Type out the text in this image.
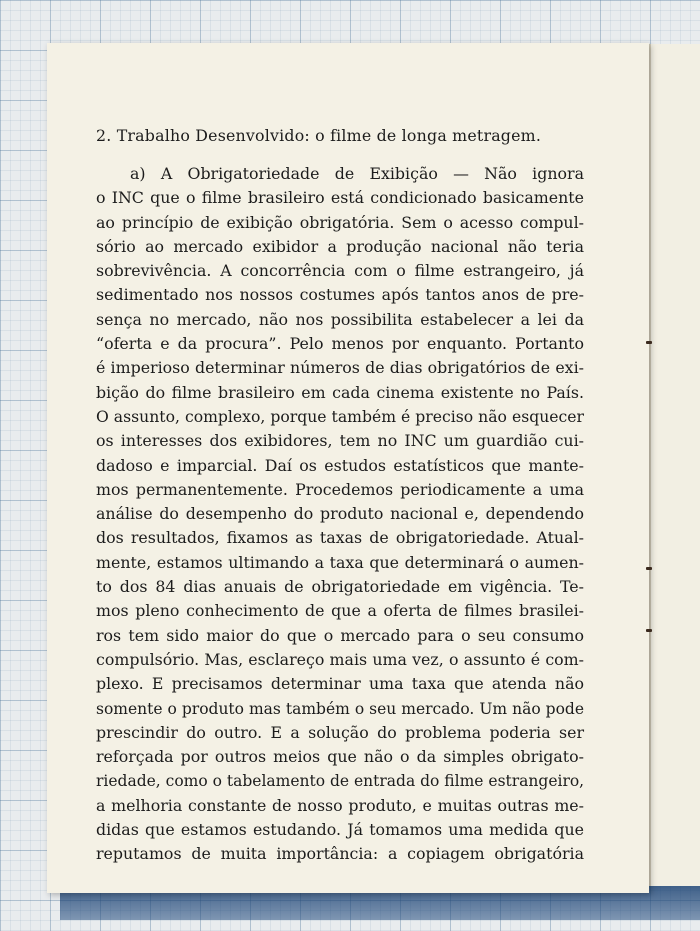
2. Trabalho Desenvolvido: o filme de longa metragem.
a) A Obrigatoriedade de Exibição — Não ignora
o INC que o filme brasileiro está condicionado basicamente
ao princípio de exibição obrigatória. Sem o acesso compul-
sório ao mercado exibidor a produção nacional não teria
sobrevivência. A concorrência com o filme estrangeiro, já
sedimentado nos nossos costumes após tantos anos de pre-
sença no mercado, não nos possibilita estabelecer a lei da
“oferta e da procura”. Pelo menos por enquanto. Portanto
é imperioso determinar números de dias obrigatórios de exi-
bição do filme brasileiro em cada cinema existente no País.
O assunto, complexo, porque também é preciso não esquecer
os interesses dos exibidores, tem no INC um guardião cui-
dadoso e imparcial. Daí os estudos estatísticos que mante-
mos permanentemente. Procedemos periodicamente a uma
análise do desempenho do produto nacional e, dependendo
dos resultados, fixamos as taxas de obrigatoriedade. Atual-
mente, estamos ultimando a taxa que determinará o aumen-
to dos 84 dias anuais de obrigatoriedade em vigência. Te-
mos pleno conhecimento de que a oferta de filmes brasilei-
ros tem sido maior do que o mercado para o seu consumo
compulsório. Mas, esclareço mais uma vez, o assunto é com-
plexo. E precisamos determinar uma taxa que atenda não
somente o produto mas também o seu mercado. Um não pode
prescindir do outro. E a solução do problema poderia ser
reforçada por outros meios que não o da simples obrigato-
riedade, como o tabelamento de entrada do filme estrangeiro,
a melhoria constante de nosso produto, e muitas outras me-
didas que estamos estudando. Já tomamos uma medida que
reputamos de muita importância: a copiagem obrigatória
